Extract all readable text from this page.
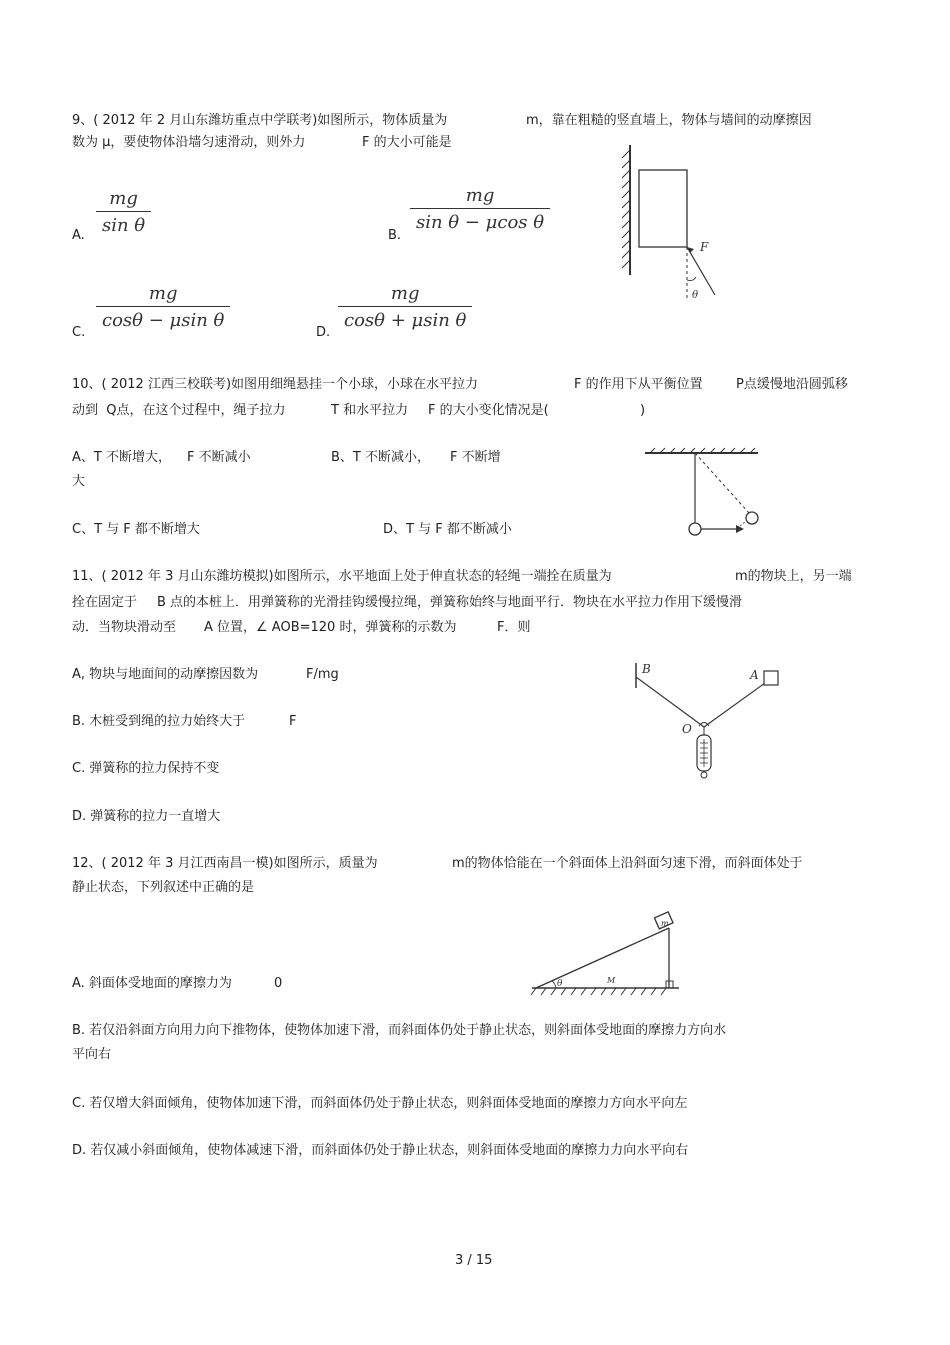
9、( 2012 年 2 月山东潍坊重点中学联考)如图所示，物体质量为	m，靠在粗糙的竖直墙上，物体与墙间的动摩擦因
数为 μ，要使物体沿墙匀速滑动，则外力	F 的大小可能是
A. $\frac{mg}{\text{sin θ}}$	B.
$\frac{mg}{\text{sin θ − μcos θ}}$
C.
$\frac{mg}{\text{cosθ − μsin θ}}$
D.
$\frac{mg}{\text{cosθ + μsin θ}}$
F
θ
10、( 2012 江西三校联考)如图用细绳悬挂一个小球，小球在水平拉力	F 的作用下从平衡位置	P点缓慢地沿圆弧移
动到  Q点，在这个过程中，绳子拉力	T 和水平拉力 F 的大小变化情况是(	)
A、T 不断增大， F 不断减小	B、T 不断减小， F 不断增
大
C、T 与 F 都不断增大	D、T 与 F 都不断减小
11、( 2012 年 3 月山东潍坊模拟)如图所示，水平地面上处于伸直状态的轻绳一端拴在质量为	m的物块上，另一端
拴在固定于 B 点的本桩上．用弹簧称的光滑挂钩缓慢拉绳，弹簧称始终与地面平行．物块在水平拉力作用下缓慢滑
动．当物块滑动至 A 位置，∠ AOB=120 时，弹簧称的示数为	F．则
A, 物块与地面间的动摩擦因数为	F/mg
B. 木桩受到绳的拉力始终大于	F
C. 弹簧称的拉力保持不变
D. 弹簧称的拉力一直增大
B	A
O
12、( 2012 年 3 月江西南昌一模)如图所示，质量为	m的物体恰能在一个斜面体上沿斜面匀速下滑，而斜面体处于
静止状态，下列叙述中正确的是
θ	M
m
A. 斜面体受地面的摩擦力为	0
B. 若仅沿斜面方向用力向下推物体，使物体加速下滑，而斜面体仍处于静止状态，则斜面体受地面的摩擦力方向水
平向右
C. 若仅增大斜面倾角，使物体加速下滑，而斜面体仍处于静止状态，则斜面体受地面的摩擦力方向水平向左
D. 若仅减小斜面倾角，使物体减速下滑，而斜面体仍处于静止状态，则斜面体受地面的摩擦力力向水平向右
3 / 15
